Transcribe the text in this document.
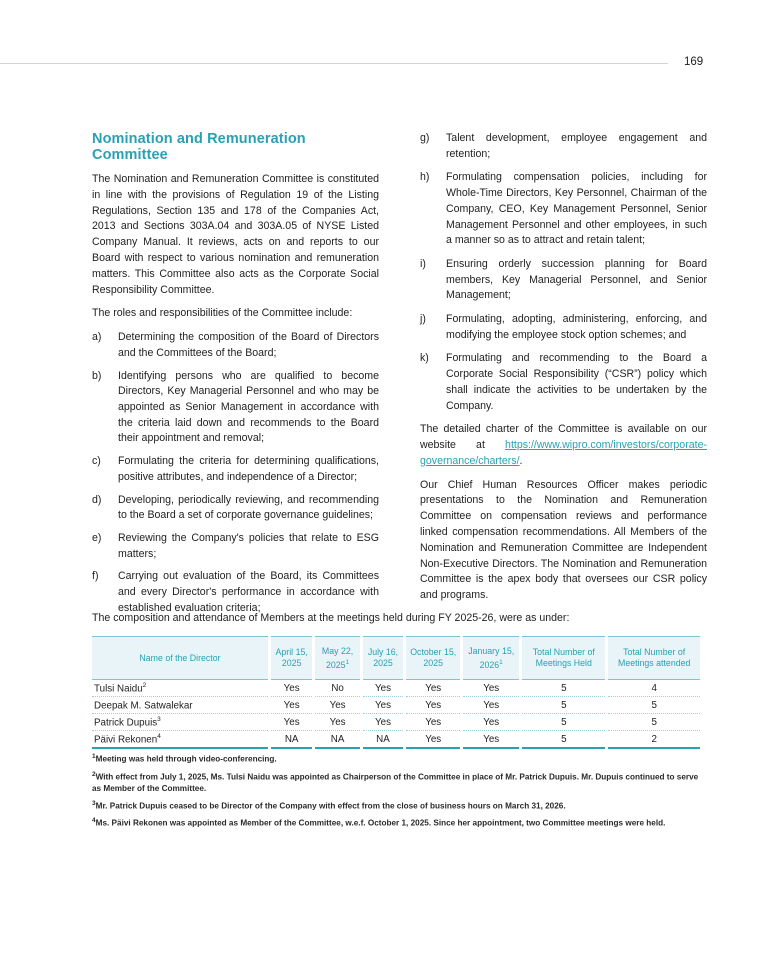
169
Nomination and Remuneration Committee

The Nomination and Remuneration Committee is constituted in line with the provisions of Regulation 19 of the Listing Regulations, Section 135 and 178 of the Companies Act, 2013 and Sections 303A.04 and 303A.05 of NYSE Listed Company Manual. It reviews, acts on and reports to our Board with respect to various nomination and remuneration matters. This Committee also acts as the Corporate Social Responsibility Committee.

The roles and responsibilities of the Committee include:

a) Determining the composition of the Board of Directors and the Committees of the Board;
b) Identifying persons who are qualified to become Directors, Key Managerial Personnel and who may be appointed as Senior Management in accordance with the criteria laid down and recommends to the Board their appointment and removal;
c) Formulating the criteria for determining qualifications, positive attributes, and independence of a Director;
d) Developing, periodically reviewing, and recommending to the Board a set of corporate governance guidelines;
e) Reviewing the Company's policies that relate to ESG matters;
f) Carrying out evaluation of the Board, its Committees and every Director's performance in accordance with established evaluation criteria;
g) Talent development, employee engagement and retention;
h) Formulating compensation policies, including for Whole-Time Directors, Key Personnel, Chairman of the Company, CEO, Key Management Personnel, Senior Management Personnel and other employees, in such a manner so as to attract and retain talent;
i) Ensuring orderly succession planning for Board members, Key Managerial Personnel, and Senior Management;
j) Formulating, adopting, administering, enforcing, and modifying the employee stock option schemes; and
k) Formulating and recommending to the Board a Corporate Social Responsibility (“CSR”) policy which shall indicate the activities to be undertaken by the Company.

The detailed charter of the Committee is available on our website at https://www.wipro.com/investors/corporate-governance/charters/.

Our Chief Human Resources Officer makes periodic presentations to the Nomination and Remuneration Committee on compensation reviews and performance linked compensation recommendations. All Members of the Nomination and Remuneration Committee are Independent Non-Executive Directors. The Nomination and Remuneration Committee is the apex body that oversees our CSR policy and programs.

The composition and attendance of Members at the meetings held during FY 2025-26, were as under:
Name of the Director	April 15, 2025	May 22, 2025$^1$	July 16, 2025	October 15, 2025	January 15, 2026$^1$	Total Number of Meetings Held	Total Number of Meetings attended
Tulsi Naidu$^2$	Yes	No	Yes	Yes	Yes	5	4
Deepak M. Satwalekar	Yes	Yes	Yes	Yes	Yes	5	5
Patrick Dupuis$^3$	Yes	Yes	Yes	Yes	Yes	5	5
Päivi Rekonen$^4$	NA	NA	NA	Yes	Yes	5	2
$^1$Meeting was held through video-conferencing.
$^2$With effect from July 1, 2025, Ms. Tulsi Naidu was appointed as Chairperson of the Committee in place of Mr. Patrick Dupuis. Mr. Dupuis continued to serve as Member of the Committee.
$^3$Mr. Patrick Dupuis ceased to be Director of the Company with effect from the close of business hours on March 31, 2026.
$^4$Ms. Päivi Rekonen was appointed as Member of the Committee, w.e.f. October 1, 2025. Since her appointment, two Committee meetings were held.
